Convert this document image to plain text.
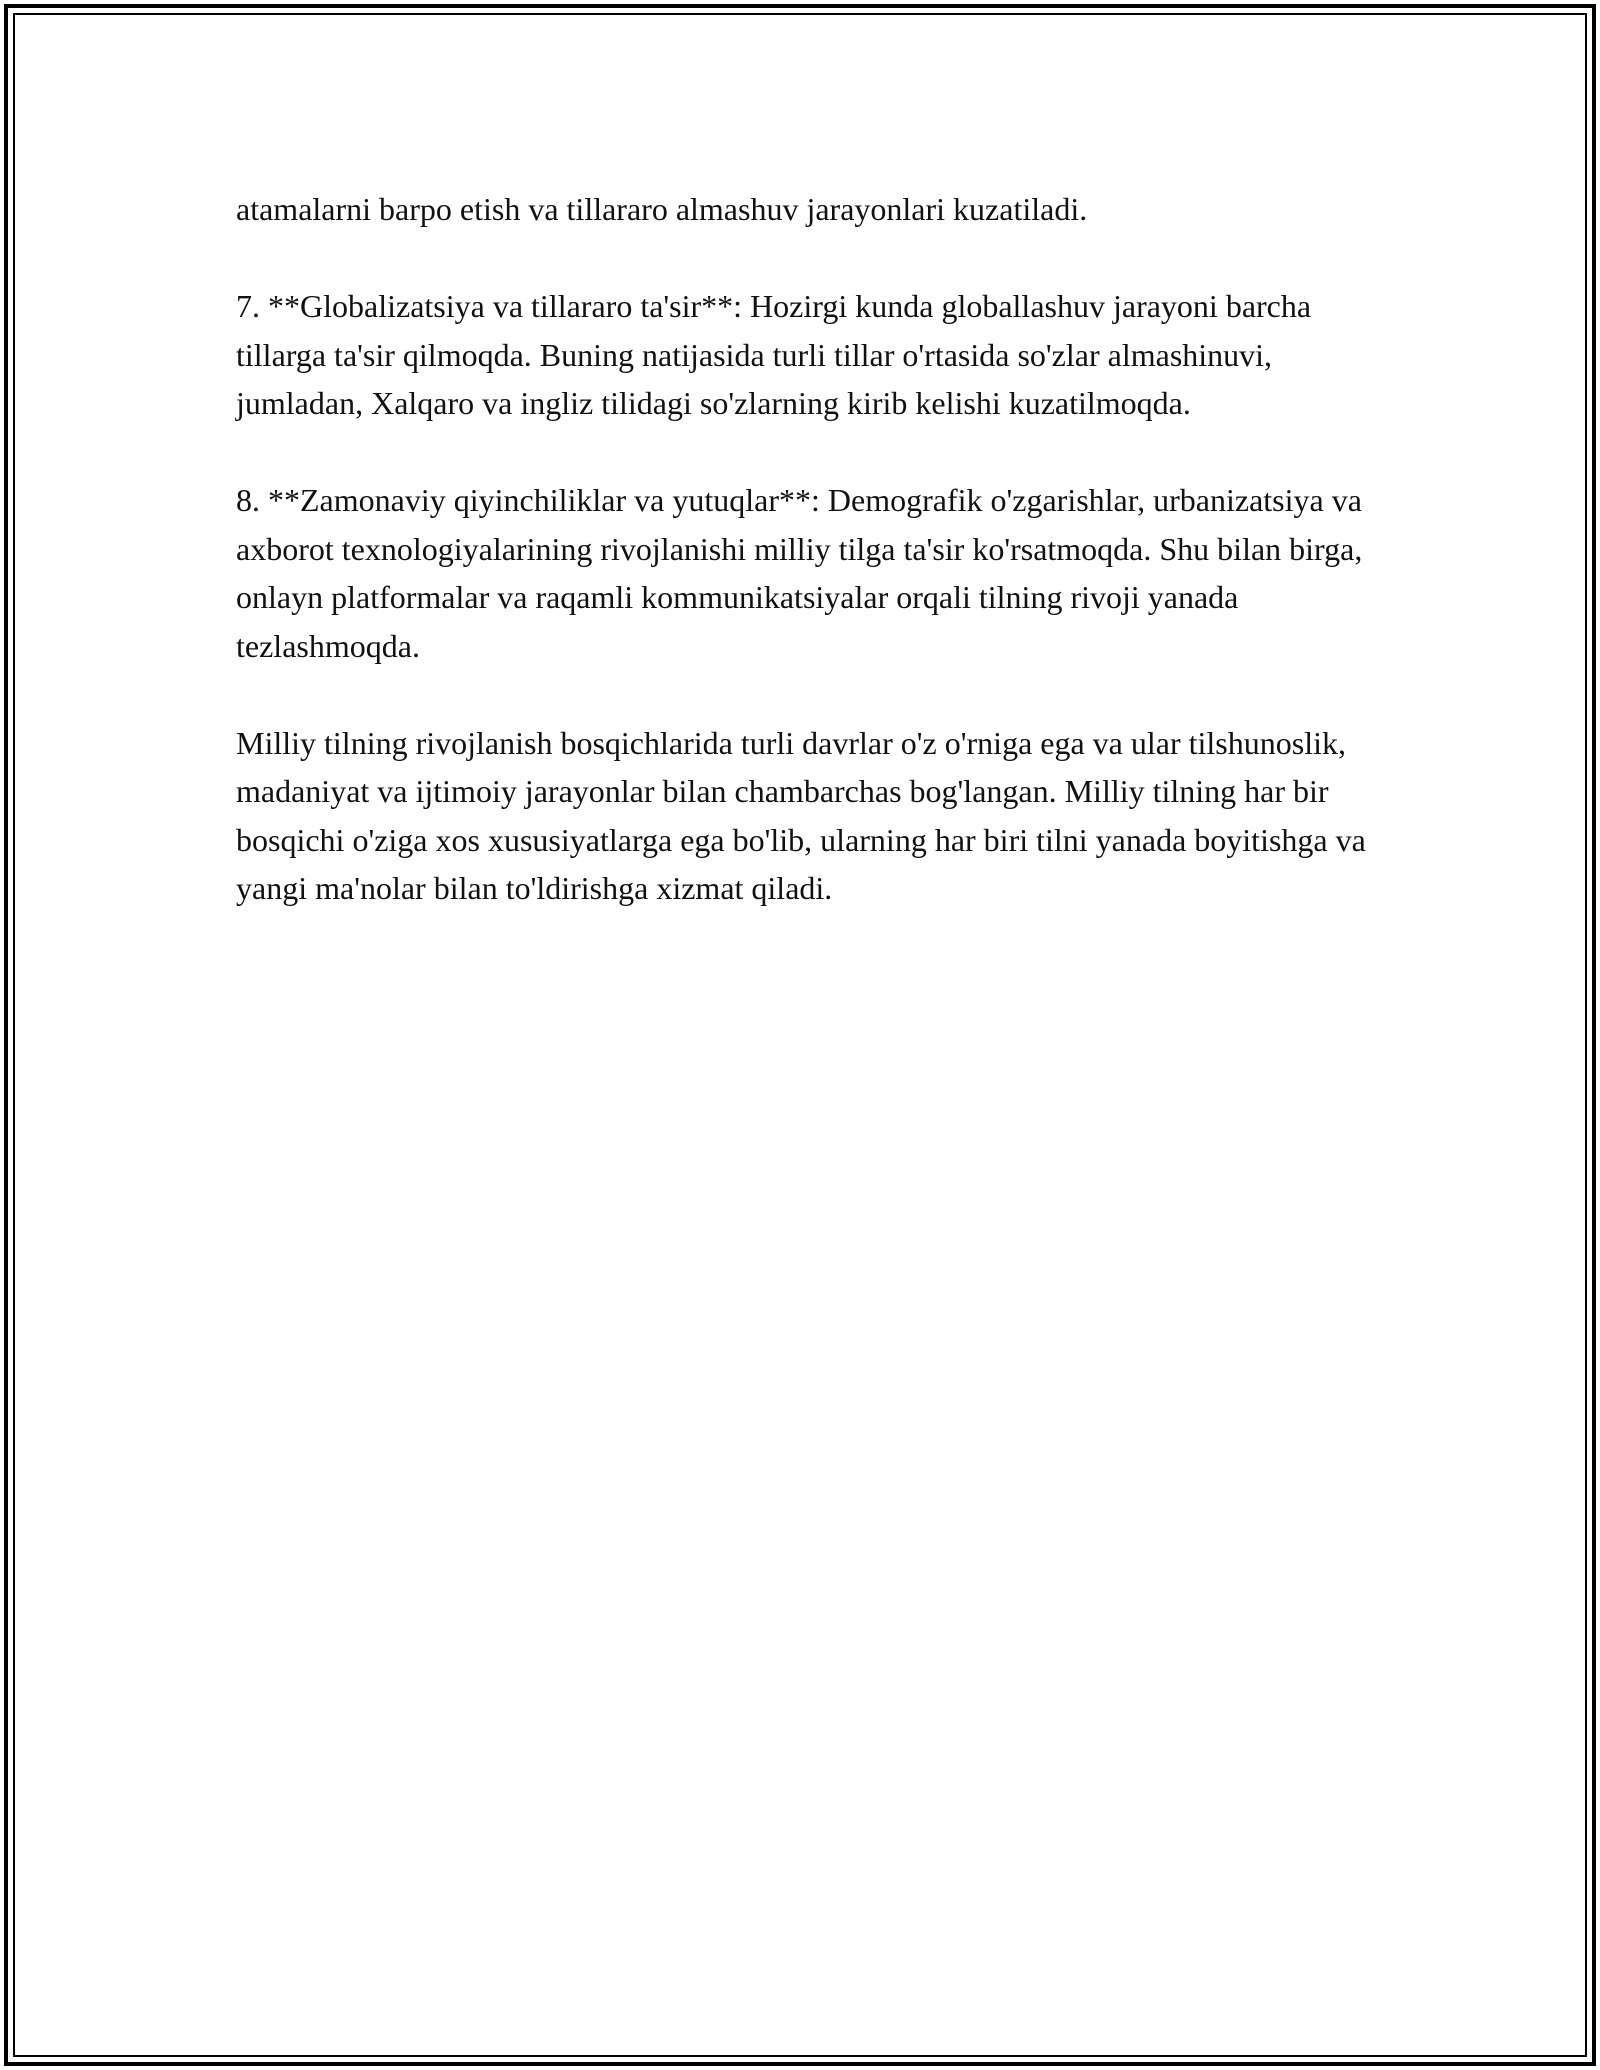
atamalarni barpo etish va tillararo almashuv jarayonlari kuzatiladi.

7. **Globalizatsiya va tillararo ta'sir**: Hozirgi kunda globallashuv jarayoni barcha tillarga ta'sir qilmoqda. Buning natijasida turli tillar o'rtasida so'zlar almashinuvi, jumladan, Xalqaro va ingliz tilidagi so'zlarning kirib kelishi kuzatilmoqda.

8. **Zamonaviy qiyinchiliklar va yutuqlar**: Demografik o'zgarishlar, urbanizatsiya va axborot texnologiyalarining rivojlanishi milliy tilga ta'sir ko'rsatmoqda. Shu bilan birga, onlayn platformalar va raqamli kommunikatsiyalar orqali tilning rivoji yanada tezlashmoqda.

Milliy tilning rivojlanish bosqichlarida turli davrlar o'z o'rniga ega va ular tilshunoslik, madaniyat va ijtimoiy jarayonlar bilan chambarchas bog'langan. Milliy tilning har bir bosqichi o'ziga xos xususiyatlarga ega bo'lib, ularning har biri tilni yanada boyitishga va yangi ma'nolar bilan to'ldirishga xizmat qiladi.
